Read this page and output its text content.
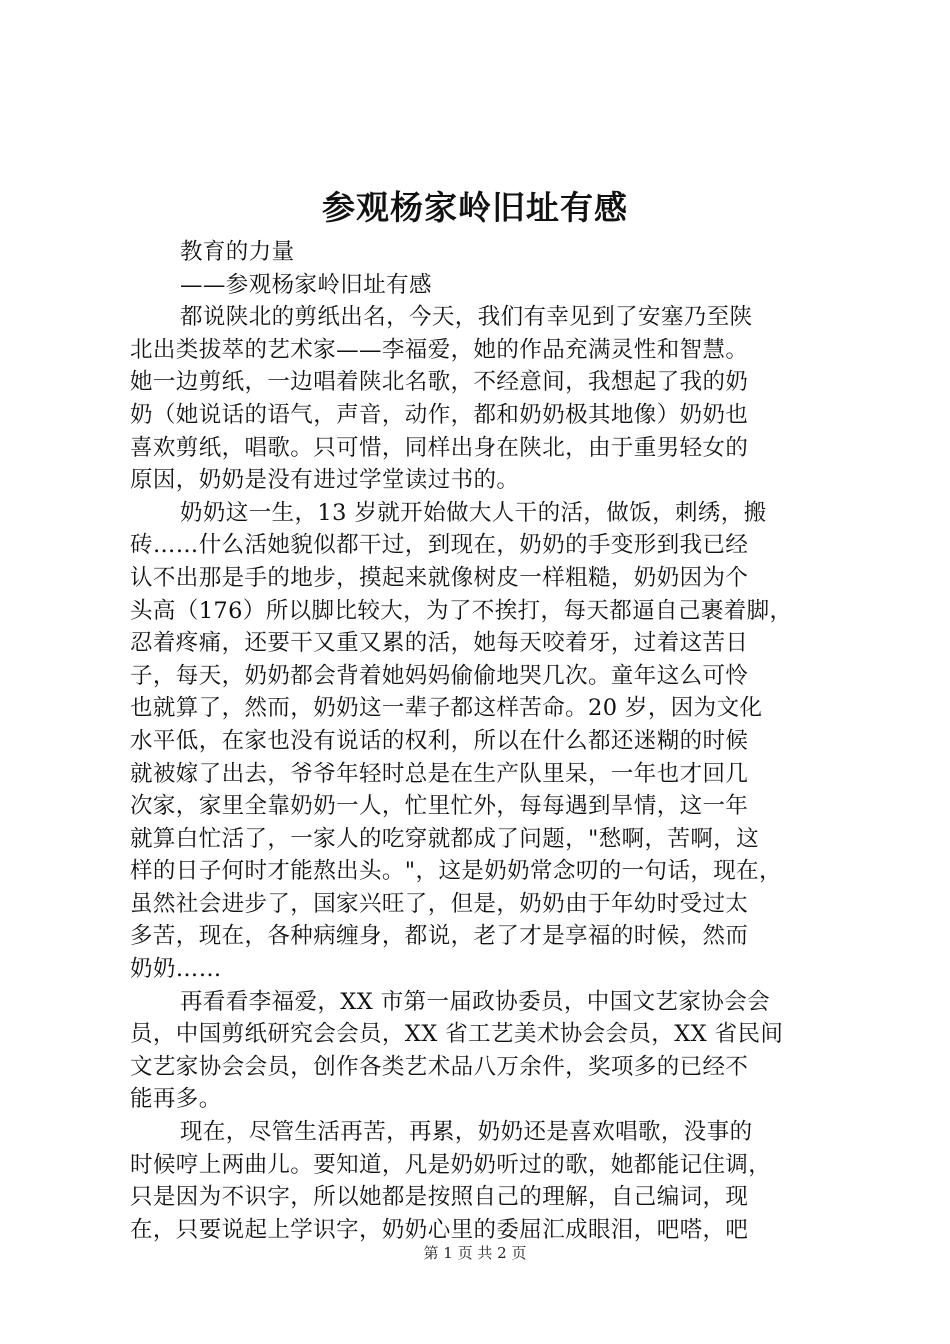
参观杨家岭旧址有感

教育的力量

——参观杨家岭旧址有感

都说陕北的剪纸出名，今天，我们有幸见到了安塞乃至陕

北出类拔萃的艺术家——李福爱，她的作品充满灵性和智慧。

她一边剪纸，一边唱着陕北名歌，不经意间，我想起了我的奶

奶（她说话的语气，声音，动作，都和奶奶极其地像）奶奶也

喜欢剪纸，唱歌。只可惜，同样出身在陕北，由于重男轻女的

原因，奶奶是没有进过学堂读过书的。

奶奶这一生，13 岁就开始做大人干的活，做饭，刺绣，搬

砖……什么活她貌似都干过，到现在，奶奶的手变形到我已经

认不出那是手的地步，摸起来就像树皮一样粗糙，奶奶因为个

头高（176）所以脚比较大，为了不挨打，每天都逼自己裹着脚，

忍着疼痛，还要干又重又累的活，她每天咬着牙，过着这苦日

子，每天，奶奶都会背着她妈妈偷偷地哭几次。童年这么可怜

也就算了，然而，奶奶这一辈子都这样苦命。20 岁，因为文化

水平低，在家也没有说话的权利，所以在什么都还迷糊的时候

就被嫁了出去，爷爷年轻时总是在生产队里呆，一年也才回几

次家，家里全靠奶奶一人，忙里忙外，每每遇到旱情，这一年

就算白忙活了，一家人的吃穿就都成了问题，"愁啊，苦啊，这

样的日子何时才能熬出头。"，这是奶奶常念叨的一句话，现在，

虽然社会进步了，国家兴旺了，但是，奶奶由于年幼时受过太

多苦，现在，各种病缠身，都说，老了才是享福的时候，然而

奶奶……

再看看李福爱，XX 市第一届政协委员，中国文艺家协会会

员，中国剪纸研究会会员，XX 省工艺美术协会会员，XX 省民间

文艺家协会会员，创作各类艺术品八万余件，奖项多的已经不

能再多。

现在，尽管生活再苦，再累，奶奶还是喜欢唱歌，没事的

时候哼上两曲儿。要知道，凡是奶奶听过的歌，她都能记住调，

只是因为不识字，所以她都是按照自己的理解，自己编词，现

在，只要说起上学识字，奶奶心里的委屈汇成眼泪，吧嗒，吧

第 1 页 共 2 页
